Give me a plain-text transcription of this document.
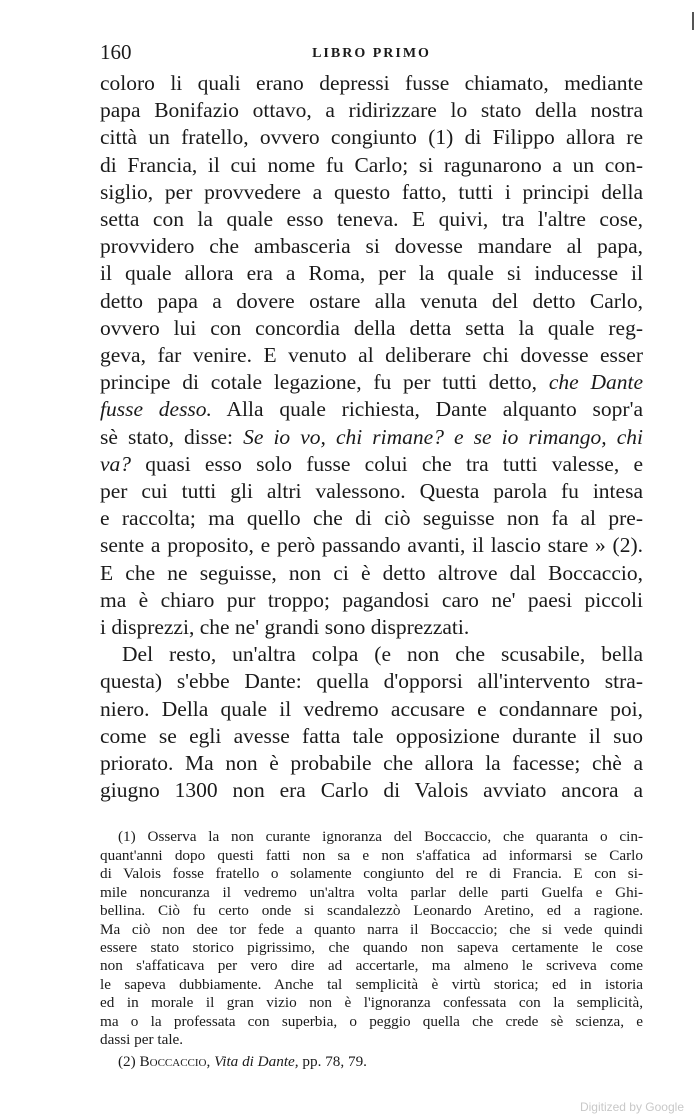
160	LIBRO PRIMO
coloro li quali erano depressi fusse chiamato, mediante
papa Bonifazio ottavo, a ridirizzare lo stato della nostra
città un fratello, ovvero congiunto (1) di Filippo allora re
di Francia, il cui nome fu Carlo; si ragunarono a un con-
siglio, per provvedere a questo fatto, tutti i principi della
setta con la quale esso teneva. E quivi, tra l'altre cose,
provvidero che ambasceria si dovesse mandare al papa,
il quale allora era a Roma, per la quale si inducesse il
detto papa a dovere ostare alla venuta del detto Carlo,
ovvero lui con concordia della detta setta la quale reg-
geva, far venire. E venuto al deliberare chi dovesse esser
principe di cotale legazione, fu per tutti detto, che Dante
fusse desso. Alla quale richiesta, Dante alquanto sopr'a
sè stato, disse: Se io vo, chi rimane? e se io rimango, chi
va? quasi esso solo fusse colui che tra tutti valesse, e
per cui tutti gli altri valessono. Questa parola fu intesa
e raccolta; ma quello che di ciò seguisse non fa al pre-
sente a proposito, e però passando avanti, il lascio stare » (2).
E che ne seguisse, non ci è detto altrove dal Boccaccio,
ma è chiaro pur troppo; pagandosi caro ne' paesi piccoli
i disprezzi, che ne' grandi sono disprezzati.
Del resto, un'altra colpa (e non che scusabile, bella
questa) s'ebbe Dante: quella d'opporsi all'intervento stra-
niero. Della quale il vedremo accusare e condannare poi,
come se egli avesse fatta tale opposizione durante il suo
priorato. Ma non è probabile che allora la facesse; chè a
giugno 1300 non era Carlo di Valois avviato ancora a
(1) Osserva la non curante ignoranza del Boccaccio, che quaranta o cin-
quant'anni dopo questi fatti non sa e non s'affatica ad informarsi se Carlo
di Valois fosse fratello o solamente congiunto del re di Francia. E con si-
mile noncuranza il vedremo un'altra volta parlar delle parti Guelfa e Ghi-
bellina. Ciò fu certo onde si scandalezzò Leonardo Aretino, ed a ragione.
Ma ciò non dee tor fede a quanto narra il Boccaccio; che si vede quindi
essere stato storico pigrissimo, che quando non sapeva certamente le cose
non s'affaticava per vero dire ad accertarle, ma almeno le scriveva come
le sapeva dubbiamente. Anche tal semplicità è virtù storica; ed in istoria
ed in morale il gran vizio non è l'ignoranza confessata con la semplicità,
ma o la professata con superbia, o peggio quella che crede sè scienza, e
dassi per tale.
(2) Boccaccio, Vita di Dante, pp. 78, 79.
Digitized by Google
